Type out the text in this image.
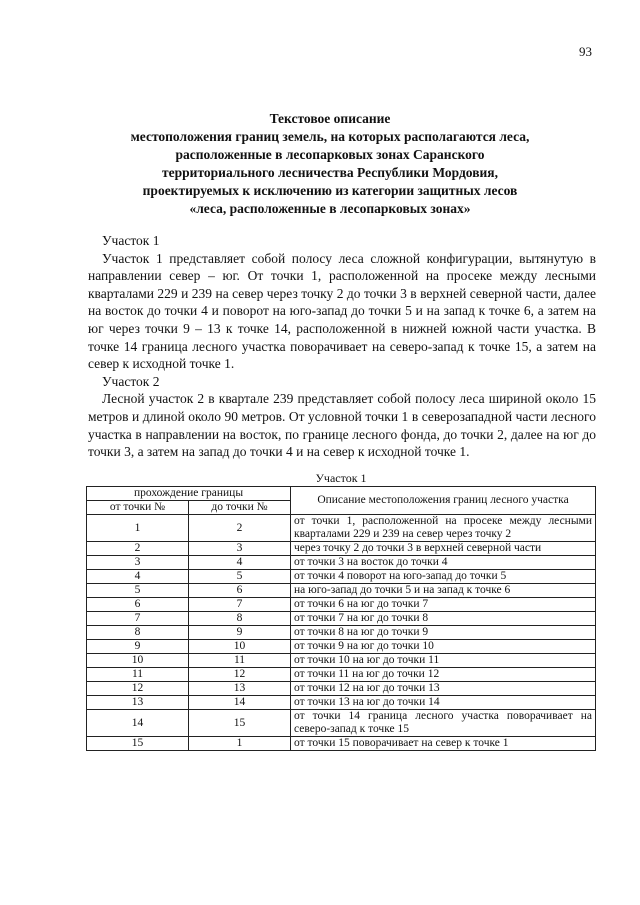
93
Текстовое описание
местоположения границ земель, на которых располагаются леса,
расположенные в лесопарковых зонах Саранского
территориального лесничества Республики Мордовия,
проектируемых к исключению из категории защитных лесов
«леса, расположенные в лесопарковых зонах»

Участок 1

Участок 1 представляет собой полосу леса сложной конфигурации, вытянутую в направлении север – юг. От точки 1, расположенной на просеке между лесными кварталами 229 и 239 на север через точку 2 до точки 3 в верхней северной части, далее на восток до точки 4 и поворот на юго-запад до точки 5 и на запад к точке 6, а затем на юг через точки 9 – 13 к точке 14, расположенной в нижней южной части участка. В точке 14 граница лесного участка поворачивает на северо-запад к точке 15, а затем на север к исходной точке 1.

Участок 2

Лесной участок 2 в квартале 239 представляет собой полосу леса шириной около 15 метров и длиной около 90 метров. От условной точки 1 в северозападной части лесного участка в направлении на восток, по границе лесного фонда, до точки 2, далее на юг до точки 3, а затем на запад до точки 4 и на север к исходной точке 1.

Участок 1
прохождение границы		Описание местоположения границ лесного участка
от точки №	до точки №	
1	2	от точки 1, расположенной на просеке между лесными кварталами 229 и 239 на север через точку 2
2	3	через точку 2 до точки 3 в верхней северной части
3	4	от точки 3 на восток до точки 4
4	5	от точки 4 поворот на юго-запад до точки 5
5	6	на юго-запад до точки 5 и на запад к точке 6
6	7	от точки 6 на юг до точки 7
7	8	от точки 7 на юг до точки 8
8	9	от точки 8 на юг до точки 9
9	10	от точки 9 на юг до точки 10
10	11	от точки 10 на юг до точки 11
11	12	от точки 11 на юг до точки 12
12	13	от точки 12 на юг до точки 13
13	14	от точки 13 на юг до точки 14
14	15	от точки 14 граница лесного участка поворачивает на северо-запад к точке 15
15	1	от точки 15 поворачивает на север к точке 1
